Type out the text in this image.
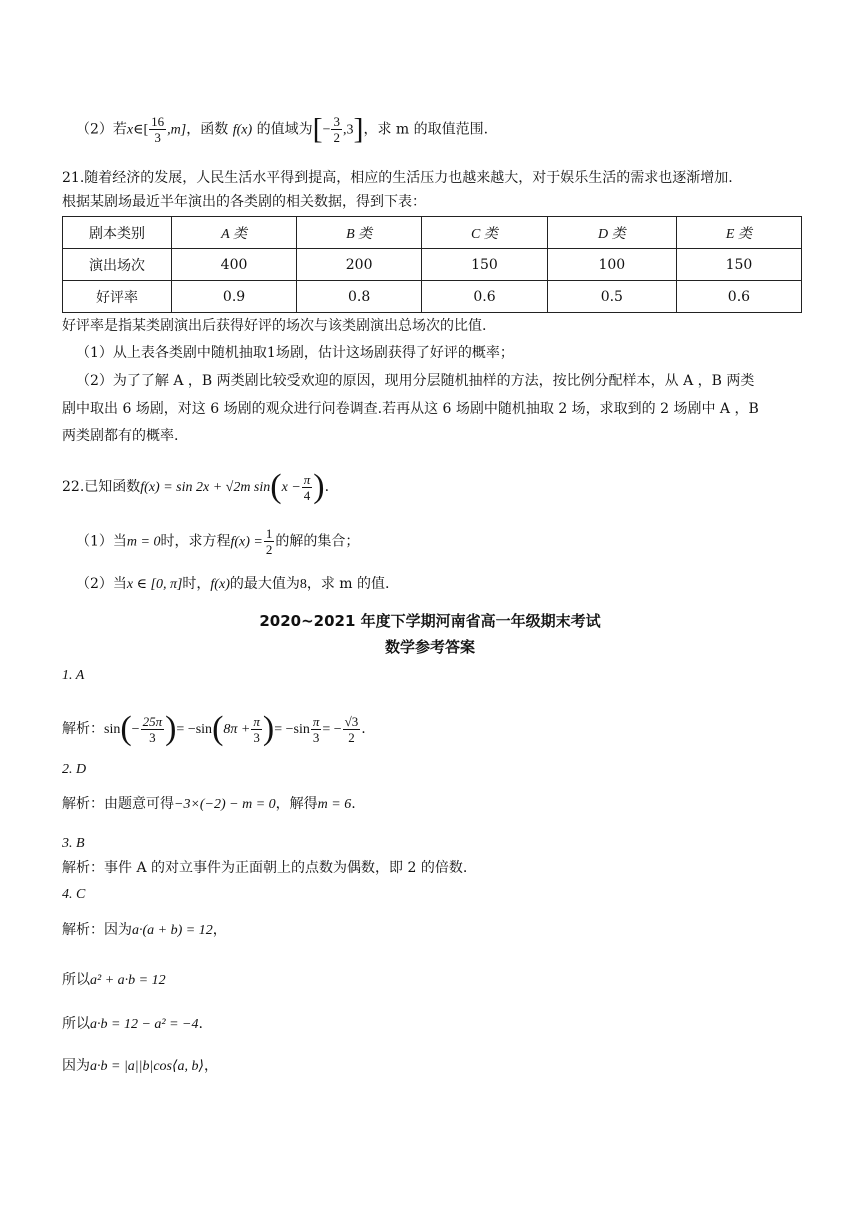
（2）若x∈[ $\frac{16}{3} ,m$]，函数 f(x) 的值域为[− $\frac{3}{2} ,3$]，求 m 的取值范围.
21.随着经济的发展，人民生活水平得到提高，相应的生活压力也越来越大，对于娱乐生活的需求也逐渐增加.
根据某剧场最近半年演出的各类剧的相关数据，得到下表：
剧本类别	A 类	B 类	C 类	D 类	E 类
演出场次	400	200	150	100	150
好评率	0.9	0.8	0.6	0.5	0.6
好评率是指某类剧演出后获得好评的场次与该类剧演出总场次的比值.
（1）从上表各类剧中随机抽取1场剧，估计这场剧获得了好评的概率；
（2）为了了解 A ，B 两类剧比较受欢迎的原因，现用分层随机抽样的方法，按比例分配样本，从 A ，B 两类
剧中取出 6 场剧，对这 6 场剧的观众进行问卷调查.若再从这 6 场剧中随机抽取 2 场，求取到的 2 场剧中 A ，B
两类剧都有的概率.
22.已知函数f(x) = sin 2x + √2m $\sin(x - \frac{\pi}{4}$ ).
（1）当m = 0时，求方程$f(x) = \frac{1}{2}$ 的解的集合；
（2）当x ∈ [0, π]时，f(x)的最大值为8，求 m 的值.
2020~2021 年度下学期河南省高一年级期末考试
数学参考答案
1. A
解析：$\sin(- \frac{25\pi}{3}$ )= $-\sin(8\pi + \frac{\pi}{3}$ )= $-\sin \frac{\pi}{3}$ = − $\frac{√3}{2}$ .
2. D
解析：由题意可得−3×(−2) − m = 0，解得m = 6.
3. B
解析：事件 A 的对立事件为正面朝上的点数为偶数，即 2 的倍数.
4. C
解析：因为a·(a + b) = 12，
所以a² + a·b = 12
所以a·b = 12 − a² = −4.
因为a·b = |a||b|cos⟨a, b⟩，
